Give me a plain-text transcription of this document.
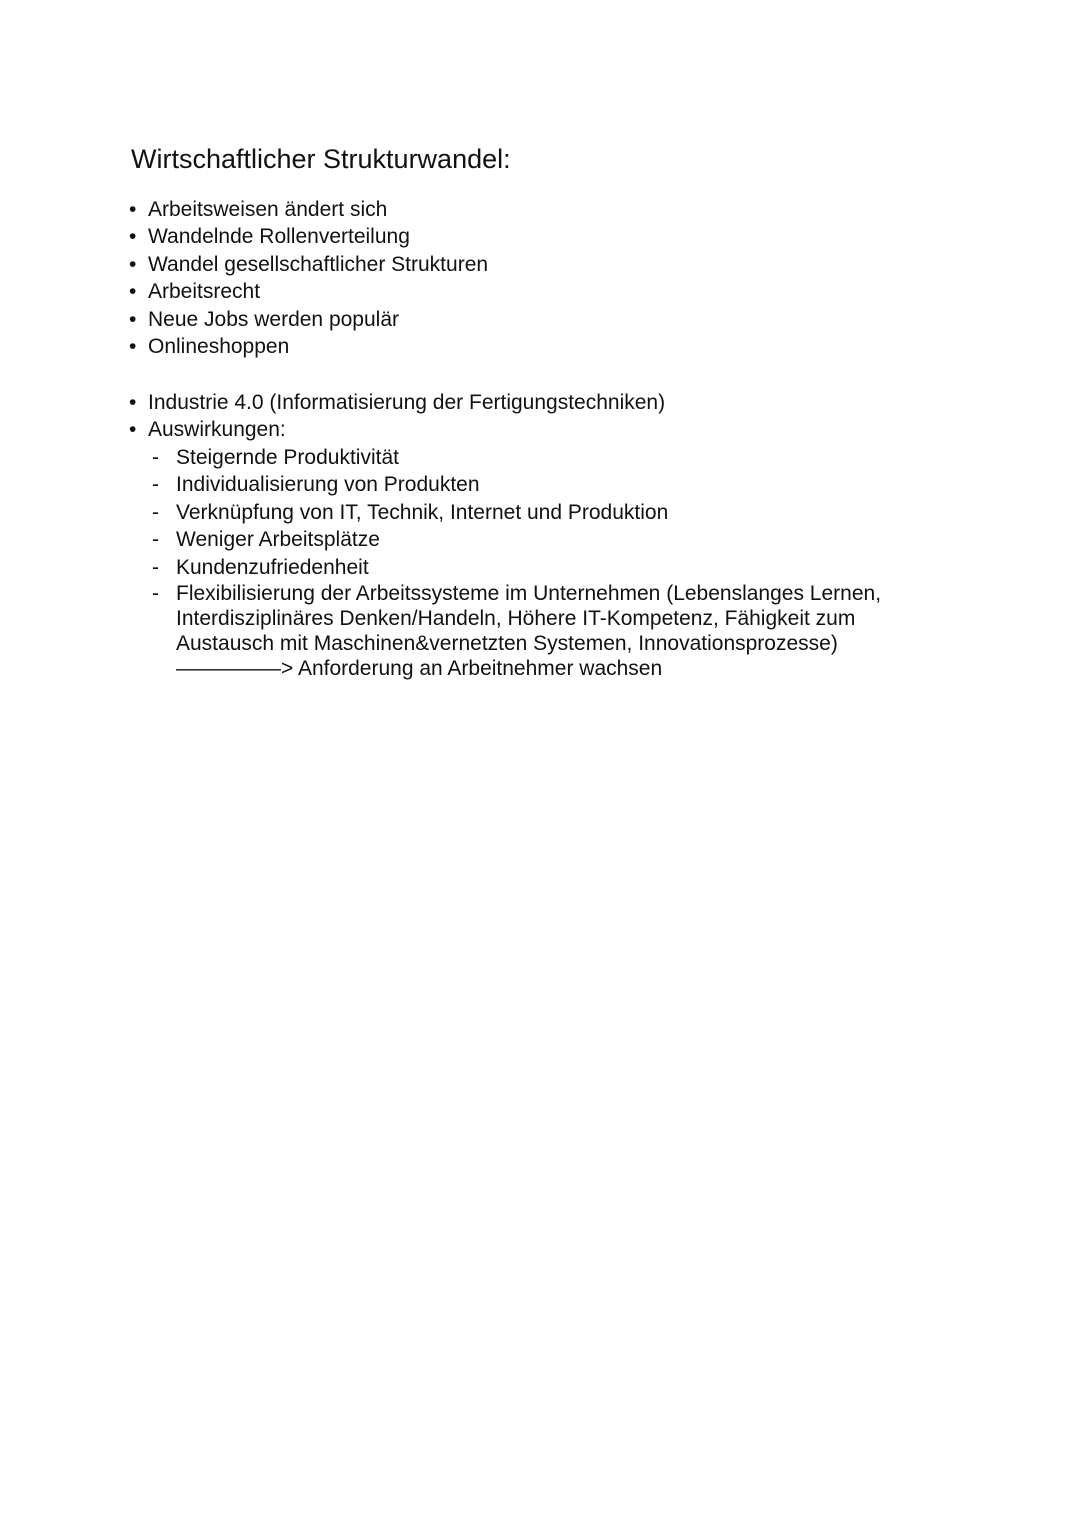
Wirtschaftlicher Strukturwandel:
• Arbeitsweisen ändert sich
• Wandelnde Rollenverteilung
• Wandel gesellschaftlicher Strukturen
• Arbeitsrecht
• Neue Jobs werden populär
• Onlineshoppen
• Industrie 4.0 (Informatisierung der Fertigungstechniken)
• Auswirkungen:
- Steigernde Produktivität
- Individualisierung von Produkten
- Verknüpfung von IT, Technik, Internet und Produktion
- Weniger Arbeitsplätze
- Kundenzufriedenheit
- Flexibilisierung der Arbeitssysteme im Unternehmen (Lebenslanges Lernen,
Interdisziplinäres Denken/Handeln, Höhere IT-Kompetenz, Fähigkeit zum
Austausch mit Maschinen&vernetzten Systemen, Innovationsprozesse)
—————> Anforderung an Arbeitnehmer wachsen
